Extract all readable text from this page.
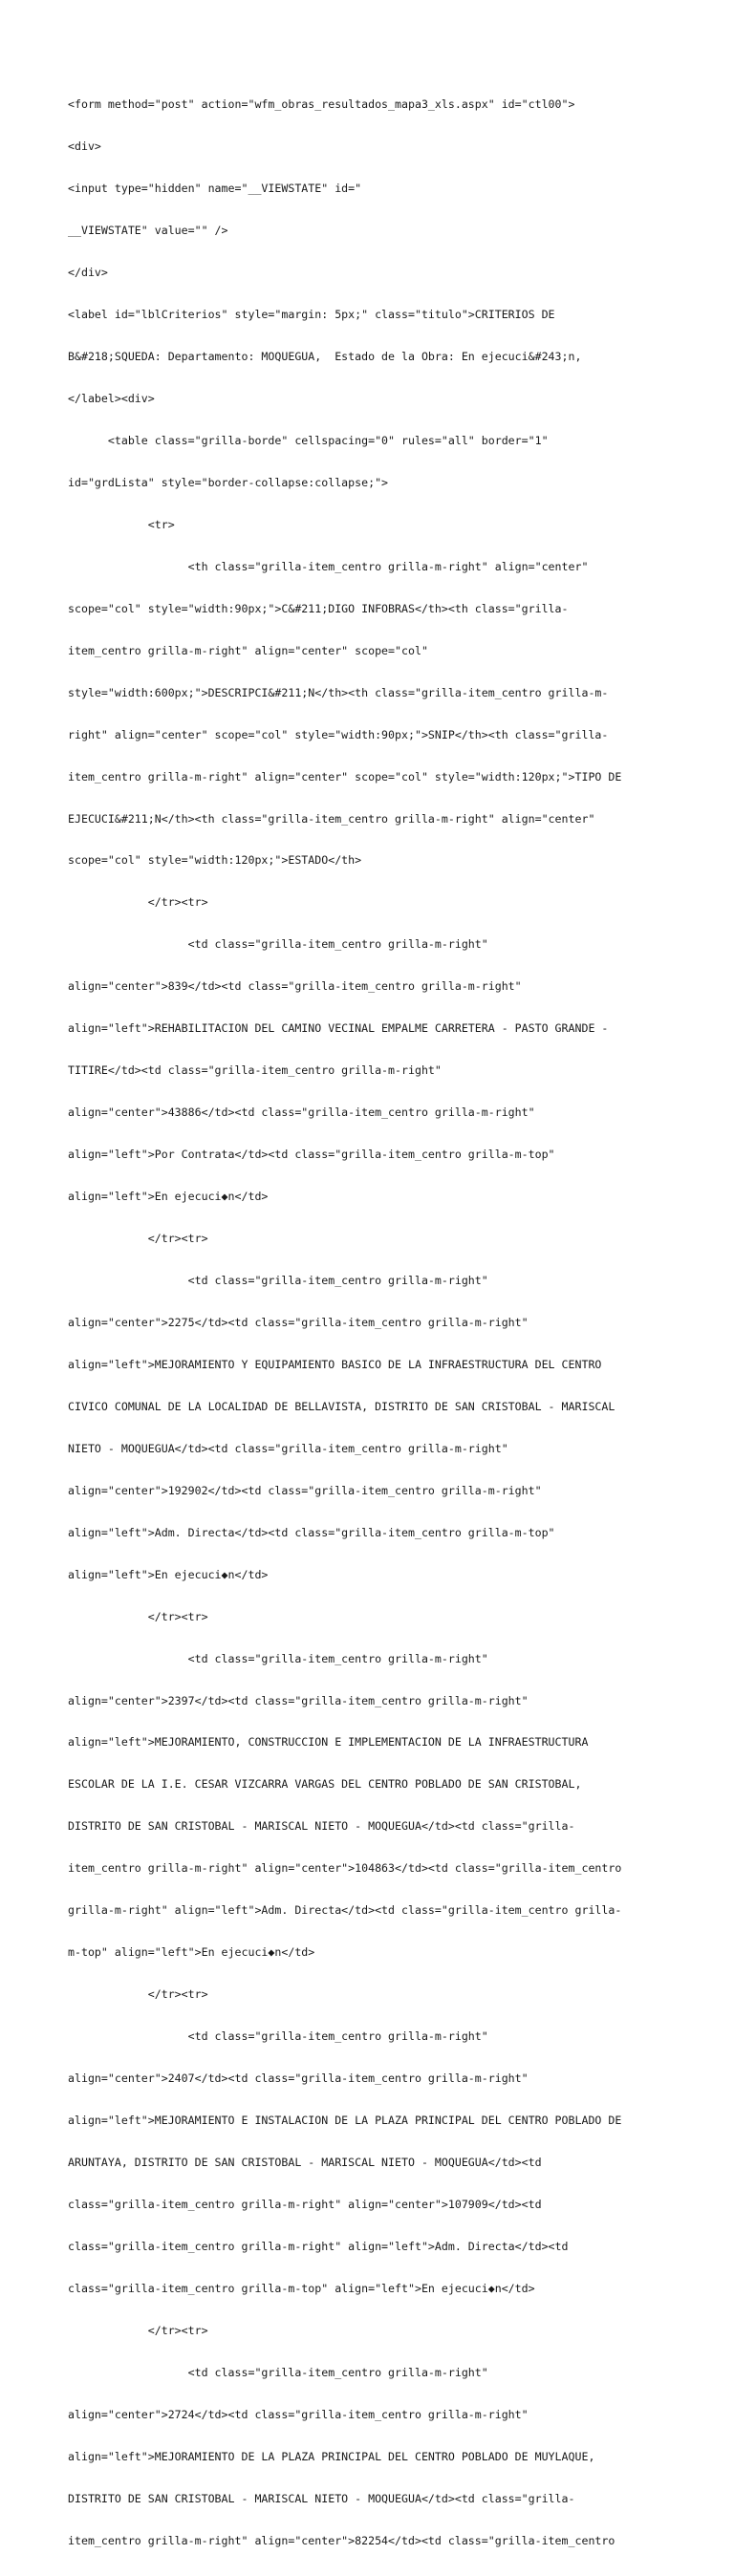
<form method="post" action="wfm_obras_resultados_mapa3_xls.aspx" id="ctl00">

<div>

<input type="hidden" name="__VIEWSTATE" id="

__VIEWSTATE" value="" />

</div>

<label id="lblCriterios" style="margin: 5px;" class="titulo">CRITERIOS DE

B&#218;SQUEDA: Departamento: MOQUEGUA,  Estado de la Obra: En ejecuci&#243;n,

</label><div>

<table class="grilla-borde" cellspacing="0" rules="all" border="1"

id="grdLista" style="border-collapse:collapse;">

<tr>

<th class="grilla-item_centro grilla-m-right" align="center"

scope="col" style="width:90px;">C&#211;DIGO INFOBRAS</th><th class="grilla-

item_centro grilla-m-right" align="center" scope="col"

style="width:600px;">DESCRIPCI&#211;N</th><th class="grilla-item_centro grilla-m-

right" align="center" scope="col" style="width:90px;">SNIP</th><th class="grilla-

item_centro grilla-m-right" align="center" scope="col" style="width:120px;">TIPO DE

EJECUCI&#211;N</th><th class="grilla-item_centro grilla-m-right" align="center"

scope="col" style="width:120px;">ESTADO</th>

</tr><tr>

<td class="grilla-item_centro grilla-m-right"

align="center">839</td><td class="grilla-item_centro grilla-m-right"

align="left">REHABILITACION DEL CAMINO VECINAL EMPALME CARRETERA - PASTO GRANDE -

TITIRE</td><td class="grilla-item_centro grilla-m-right"

align="center">43886</td><td class="grilla-item_centro grilla-m-right"

align="left">Por Contrata</td><td class="grilla-item_centro grilla-m-top"

align="left">En ejecuci◆n</td>

</tr><tr>

<td class="grilla-item_centro grilla-m-right"

align="center">2275</td><td class="grilla-item_centro grilla-m-right"

align="left">MEJORAMIENTO Y EQUIPAMIENTO BASICO DE LA INFRAESTRUCTURA DEL CENTRO

CIVICO COMUNAL DE LA LOCALIDAD DE BELLAVISTA, DISTRITO DE SAN CRISTOBAL - MARISCAL

NIETO - MOQUEGUA</td><td class="grilla-item_centro grilla-m-right"

align="center">192902</td><td class="grilla-item_centro grilla-m-right"

align="left">Adm. Directa</td><td class="grilla-item_centro grilla-m-top"

align="left">En ejecuci◆n</td>

</tr><tr>

<td class="grilla-item_centro grilla-m-right"

align="center">2397</td><td class="grilla-item_centro grilla-m-right"

align="left">MEJORAMIENTO, CONSTRUCCION E IMPLEMENTACION DE LA INFRAESTRUCTURA

ESCOLAR DE LA I.E. CESAR VIZCARRA VARGAS DEL CENTRO POBLADO DE SAN CRISTOBAL,

DISTRITO DE SAN CRISTOBAL - MARISCAL NIETO - MOQUEGUA</td><td class="grilla-

item_centro grilla-m-right" align="center">104863</td><td class="grilla-item_centro

grilla-m-right" align="left">Adm. Directa</td><td class="grilla-item_centro grilla-

m-top" align="left">En ejecuci◆n</td>

</tr><tr>

<td class="grilla-item_centro grilla-m-right"

align="center">2407</td><td class="grilla-item_centro grilla-m-right"

align="left">MEJORAMIENTO E INSTALACION DE LA PLAZA PRINCIPAL DEL CENTRO POBLADO DE

ARUNTAYA, DISTRITO DE SAN CRISTOBAL - MARISCAL NIETO - MOQUEGUA</td><td

class="grilla-item_centro grilla-m-right" align="center">107909</td><td

class="grilla-item_centro grilla-m-right" align="left">Adm. Directa</td><td

class="grilla-item_centro grilla-m-top" align="left">En ejecuci◆n</td>

</tr><tr>

<td class="grilla-item_centro grilla-m-right"

align="center">2724</td><td class="grilla-item_centro grilla-m-right"

align="left">MEJORAMIENTO DE LA PLAZA PRINCIPAL DEL CENTRO POBLADO DE MUYLAQUE,

DISTRITO DE SAN CRISTOBAL - MARISCAL NIETO - MOQUEGUA</td><td class="grilla-

item_centro grilla-m-right" align="center">82254</td><td class="grilla-item_centro
